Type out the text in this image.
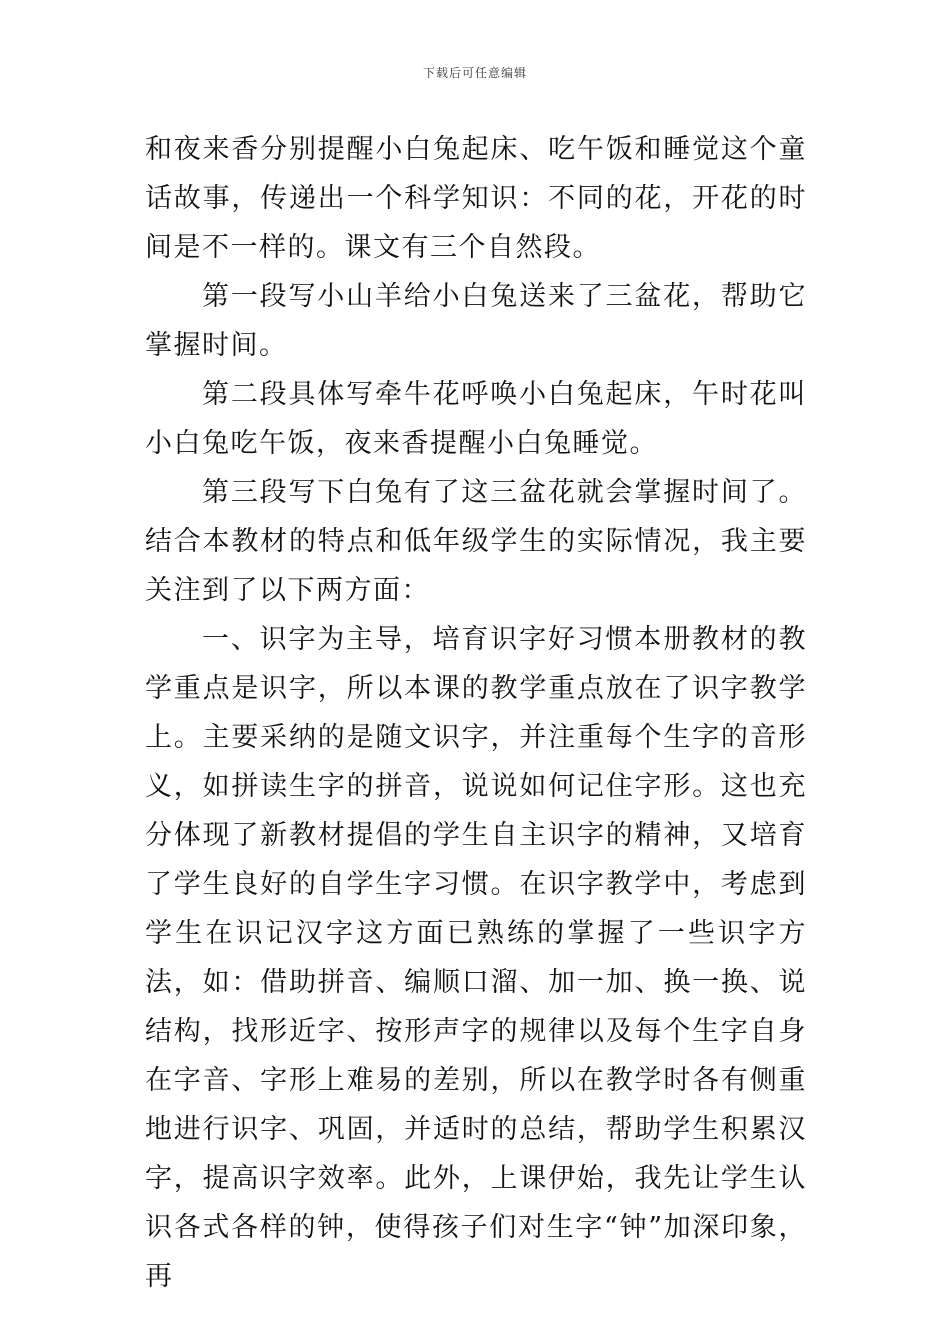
下载后可任意编辑

和夜来香分别提醒小白兔起床、吃午饭和睡觉这个童话故事，传递出一个科学知识：不同的花，开花的时间是不一样的。课文有三个自然段。

第一段写小山羊给小白兔送来了三盆花，帮助它掌握时间。

第二段具体写牵牛花呼唤小白兔起床，午时花叫小白兔吃午饭，夜来香提醒小白兔睡觉。

第三段写下白兔有了这三盆花就会掌握时间了。结合本教材的特点和低年级学生的实际情况，我主要关注到了以下两方面：

一、识字为主导，培育识字好习惯本册教材的教学重点是识字，所以本课的教学重点放在了识字教学上。主要采纳的是随文识字，并注重每个生字的音形义，如拼读生字的拼音，说说如何记住字形。这也充分体现了新教材提倡的学生自主识字的精神，又培育了学生良好的自学生字习惯。在识字教学中，考虑到学生在识记汉字这方面已熟练的掌握了一些识字方法，如：借助拼音、编顺口溜、加一加、换一换、说结构，找形近字、按形声字的规律以及每个生字自身在字音、字形上难易的差别，所以在教学时各有侧重地进行识字、巩固，并适时的总结，帮助学生积累汉字，提高识字效率。此外，上课伊始，我先让学生认识各式各样的钟，使得孩子们对生字“钟”加深印象，再
